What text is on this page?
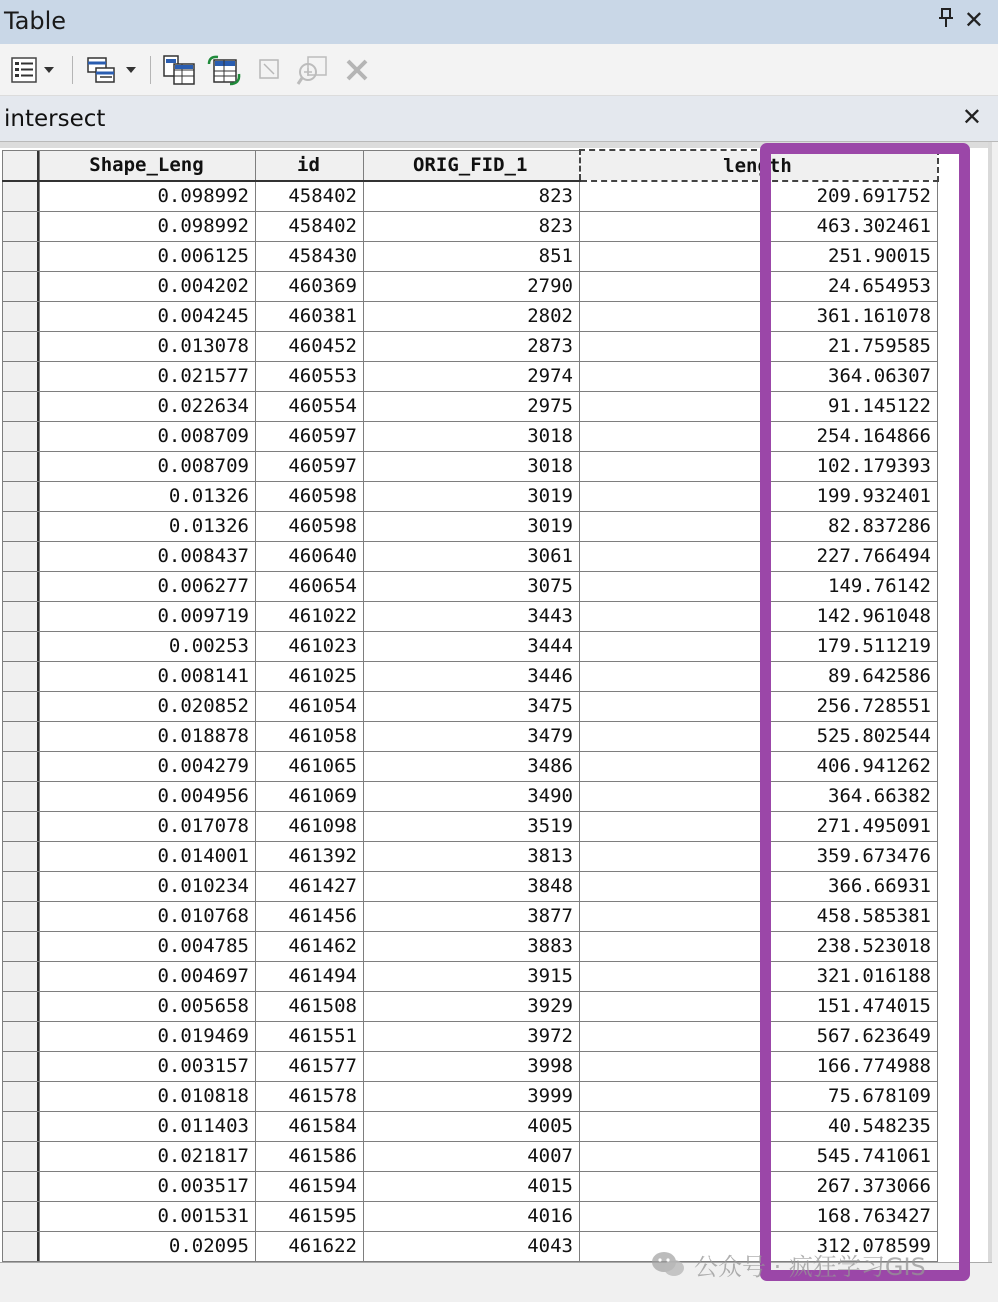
Table	✕
intersect	✕
	Shape_Leng	id	ORIG_FID_1	length

	0.098992	458402	823	209.691752

	0.098992	458402	823	463.302461

	0.006125	458430	851	251.90015

	0.004202	460369	2790	24.654953

	0.004245	460381	2802	361.161078

	0.013078	460452	2873	21.759585

	0.021577	460553	2974	364.06307

	0.022634	460554	2975	91.145122

	0.008709	460597	3018	254.164866

	0.008709	460597	3018	102.179393

	0.01326	460598	3019	199.932401

	0.01326	460598	3019	82.837286

	0.008437	460640	3061	227.766494

	0.006277	460654	3075	149.76142

	0.009719	461022	3443	142.961048

	0.00253	461023	3444	179.511219

	0.008141	461025	3446	89.642586

	0.020852	461054	3475	256.728551

	0.018878	461058	3479	525.802544

	0.004279	461065	3486	406.941262

	0.004956	461069	3490	364.66382

	0.017078	461098	3519	271.495091

	0.014001	461392	3813	359.673476

	0.010234	461427	3848	366.66931

	0.010768	461456	3877	458.585381

	0.004785	461462	3883	238.523018

	0.004697	461494	3915	321.016188

	0.005658	461508	3929	151.474015

	0.019469	461551	3972	567.623649

	0.003157	461577	3998	166.774988

	0.010818	461578	3999	75.678109

	0.011403	461584	4005	40.548235

	0.021817	461586	4007	545.741061

	0.003517	461594	4015	267.373066

	0.001531	461595	4016	168.763427

	0.02095	461622	4043	312.078599
公众号 · 疯狂学习GIS
